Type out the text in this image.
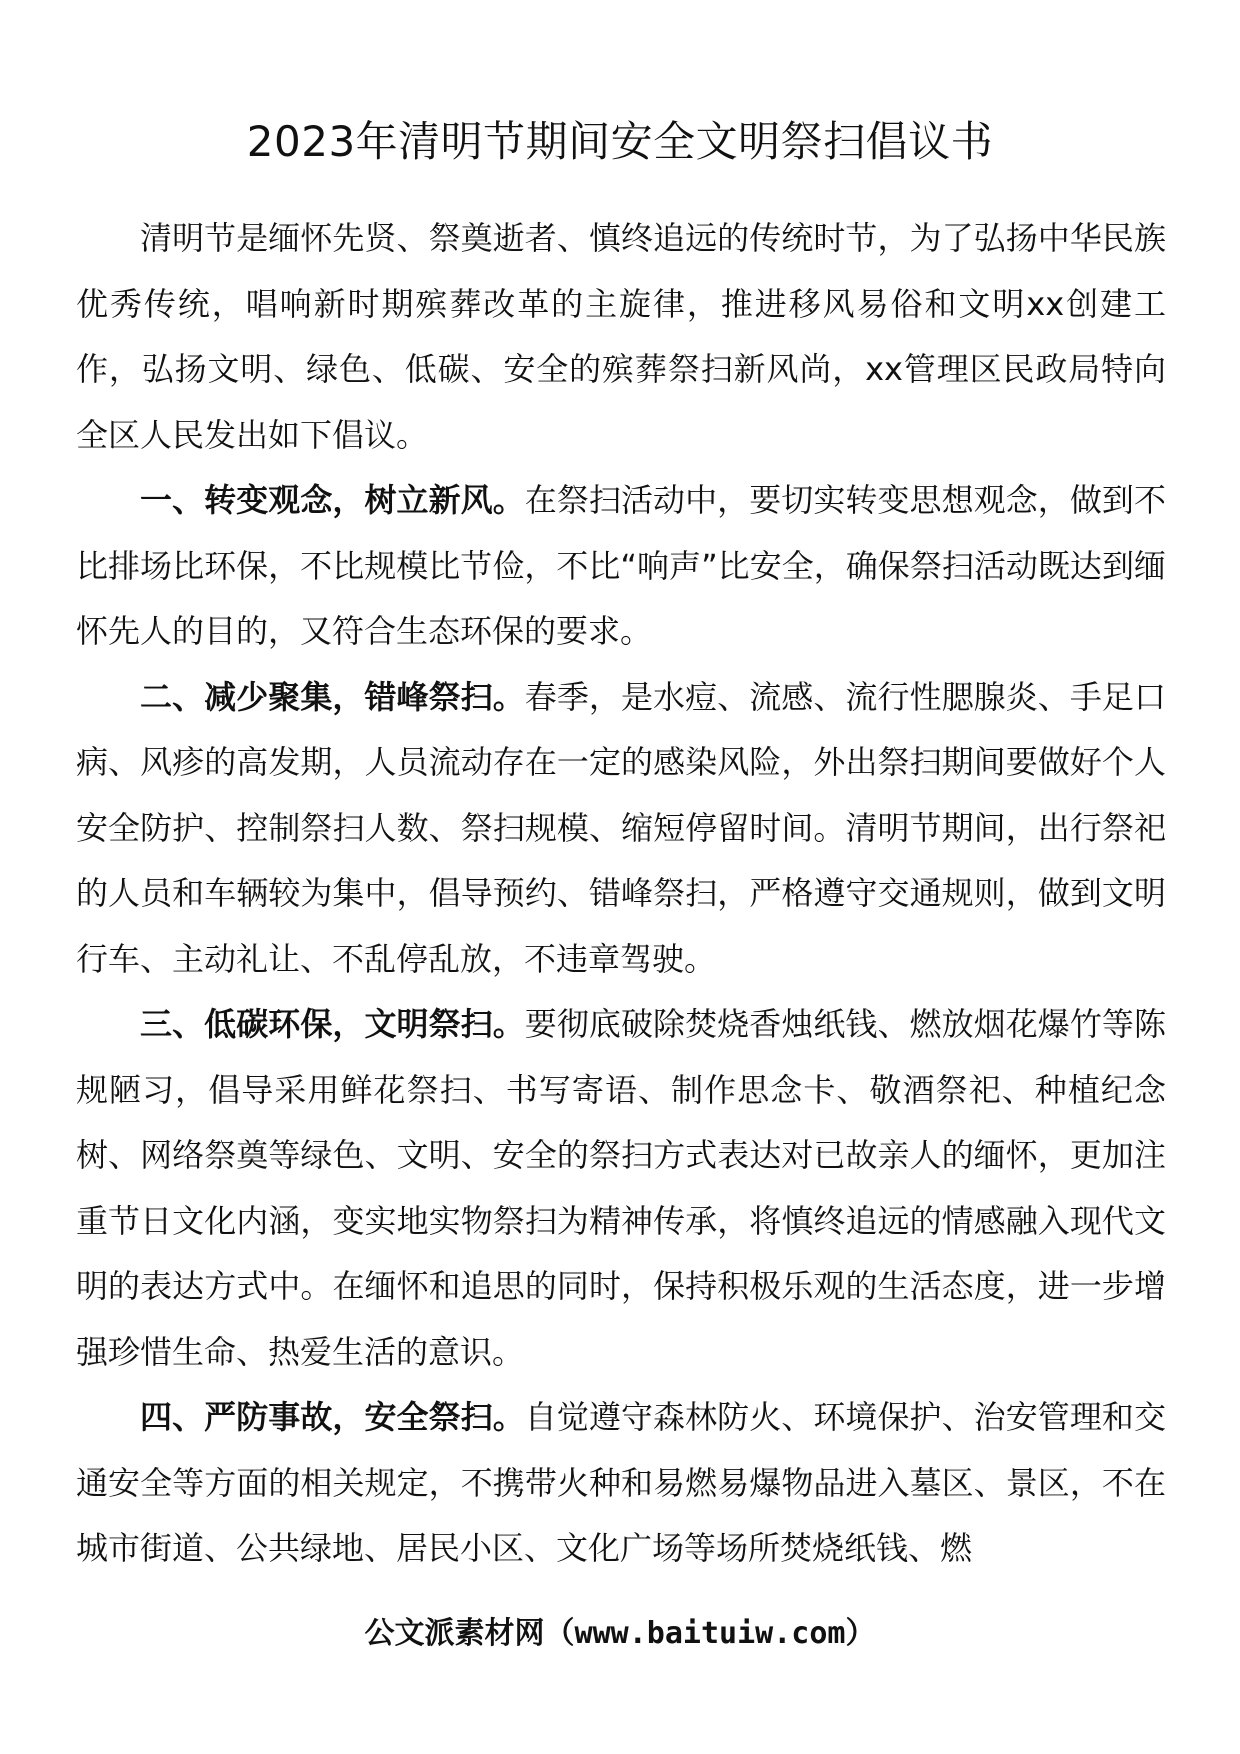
2023年清明节期间安全文明祭扫倡议书

清明节是缅怀先贤、祭奠逝者、慎终追远的传统时节，为了弘扬中华民族优秀传统，唱响新时期殡葬改革的主旋律，推进移风易俗和文明xx创建工作，弘扬文明、绿色、低碳、安全的殡葬祭扫新风尚，xx管理区民政局特向全区人民发出如下倡议。

一、转变观念，树立新风。在祭扫活动中，要切实转变思想观念，做到不比排场比环保，不比规模比节俭，不比“响声”比安全，确保祭扫活动既达到缅怀先人的目的，又符合生态环保的要求。

二、减少聚集，错峰祭扫。春季，是水痘、流感、流行性腮腺炎、手足口病、风疹的高发期，人员流动存在一定的感染风险，外出祭扫期间要做好个人安全防护、控制祭扫人数、祭扫规模、缩短停留时间。清明节期间，出行祭祀的人员和车辆较为集中，倡导预约、错峰祭扫，严格遵守交通规则，做到文明行车、主动礼让、不乱停乱放，不违章驾驶。

三、低碳环保，文明祭扫。要彻底破除焚烧香烛纸钱、燃放烟花爆竹等陈规陋习，倡导采用鲜花祭扫、书写寄语、制作思念卡、敬酒祭祀、种植纪念树、网络祭奠等绿色、文明、安全的祭扫方式表达对已故亲人的缅怀，更加注重节日文化内涵，变实地实物祭扫为精神传承，将慎终追远的情感融入现代文明的表达方式中。在缅怀和追思的同时，保持积极乐观的生活态度，进一步增强珍惜生命、热爱生活的意识。

四、严防事故，安全祭扫。自觉遵守森林防火、环境保护、治安管理和交通安全等方面的相关规定，不携带火种和易燃易爆物品进入墓区、景区，不在城市街道、公共绿地、居民小区、文化广场等场所焚烧纸钱、燃

公文派素材网（www.baituiw.com）
